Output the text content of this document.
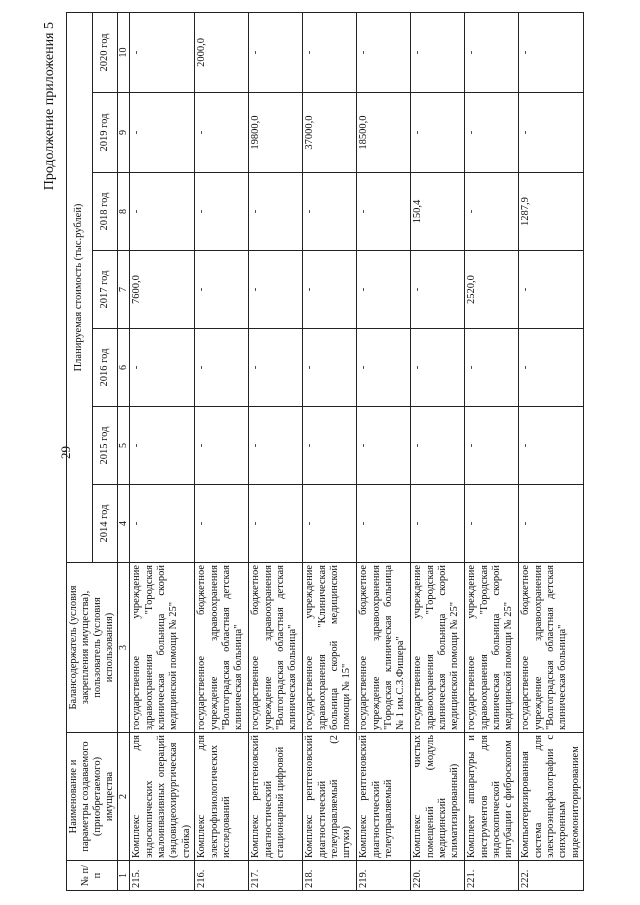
29
Продолжение приложения 5
№ п/п	Наименование и параметры создаваемого (приобретаемого) имущества	Балансодержатель (условия закрепления имущества), пользователь (условия использования)	Планируемая стоимость (тыс.рублей)						
			2014 год	2015 год	2016 год	2017 год	2018 год	2019 год	2020 год
1	2	3	4	5	6	7	8	9	10
215.	Комплекс для эндоскопических малоинвазивных операций (эндовидеохирургическая стойка)	государственное учреждение здравоохранения "Городская клиническая больница скорой медицинской помощи № 25"	-	-	-	7600,0	-	-	-
216.	Комплекс для электрофизиологических исследований	государственное бюджетное учреждение здравоохранения "Волгоградская областная детская клиническая больница"	-	-	-	-	-	-	2000,0
217.	Комплекс рентгеновский диагностический стационарный цифровой	государственное бюджетное учреждение здравоохранения "Волгоградская областная детская клиническая больница"	-	-	-	-	-	19800,0	-
218.	Комплекс рентгеновский диагностический телеуправляемый (2 штуки)	государственное учреждение здравоохранения "Клиническая больница скорой медицинской помощи № 15"	-	-	-	-	-	37000,0	-
219.	Комплекс рентгеновский диагностический телеуправляемый	государственное бюджетное учреждение здравоохранения "Городская клиническая больница № 1 им.С.З.Фишера"	-	-	-	-	-	18500,0	-
220.	Комплекс чистых помещений (модуль медицинский климатизированный)	государственное учреждение здравоохранения "Городская клиническая больница скорой медицинской помощи № 25"	-	-	-	-	150,4	-	-
221.	Комплект аппаратуры и инструментов для эндоскопической интубации с фиброскопом	государственное учреждение здравоохранения "Городская клиническая больница скорой медицинской помощи № 25"	-	-	-	2520,0	-	-	-
222.	Компьютеризированная система для электроэнцефалографии с синхронным видеомониторированием	государственное бюджетное учреждение здравоохранения "Волгоградская областная детская клиническая больница"	-	-	-	-	1287,9	-	-
